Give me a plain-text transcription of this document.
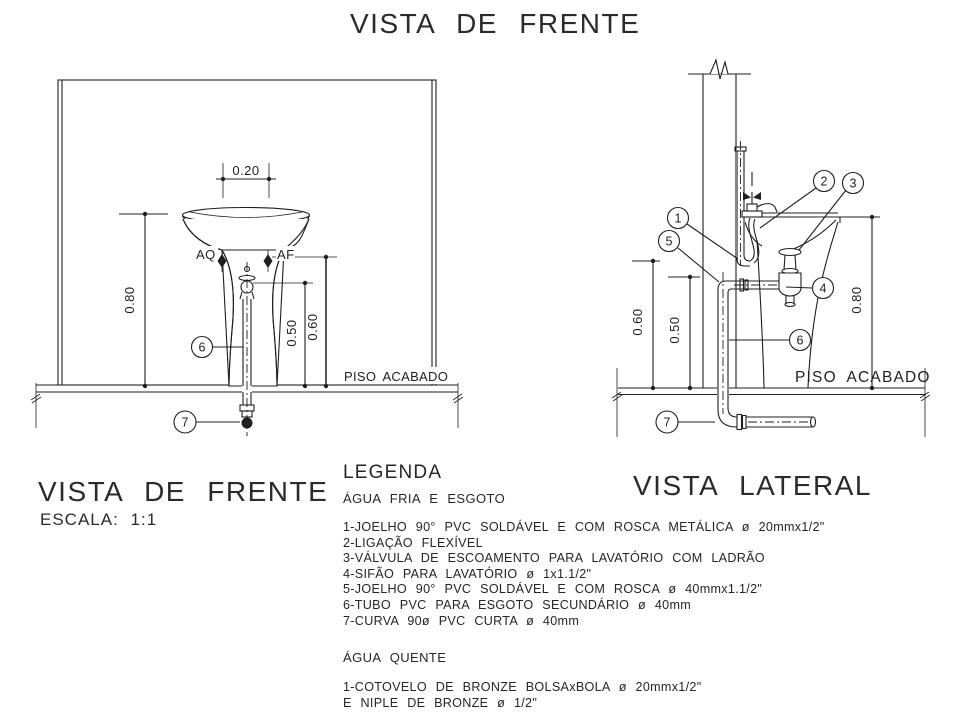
VISTA DE FRENTE
VISTA DE FRENTE
ESCALA: 1:1
VISTA LATERAL
LEGENDA
ÁGUA FRIA E ESGOTO
1-JOELHO 90° PVC SOLDÁVEL E COM ROSCA METÁLICA ø 20mmx1/2"
2-LIGAÇÃO FLEXÍVEL
3-VÁLVULA DE ESCOAMENTO PARA LAVATÓRIO COM LADRÃO
4-SIFÃO PARA LAVATÓRIO ø 1x1.1/2"
5-JOELHO 90° PVC SOLDÁVEL E COM ROSCA ø 40mmx1.1/2"
6-TUBO PVC PARA ESGOTO SECUNDÁRIO ø 40mm
7-CURVA 90ø PVC CURTA ø 40mm
ÁGUA QUENTE
1-COTOVELO DE BRONZE BOLSAxBOLA ø 20mmx1/2"
E NIPLE DE BRONZE ø 1/2"
AQ	AF
0.20
0.80
0.50 0.60
PISO ACABADO
6
7
0.60 0.50
0.80
PISO ACABADO
1
5
2 3
4
6
7
